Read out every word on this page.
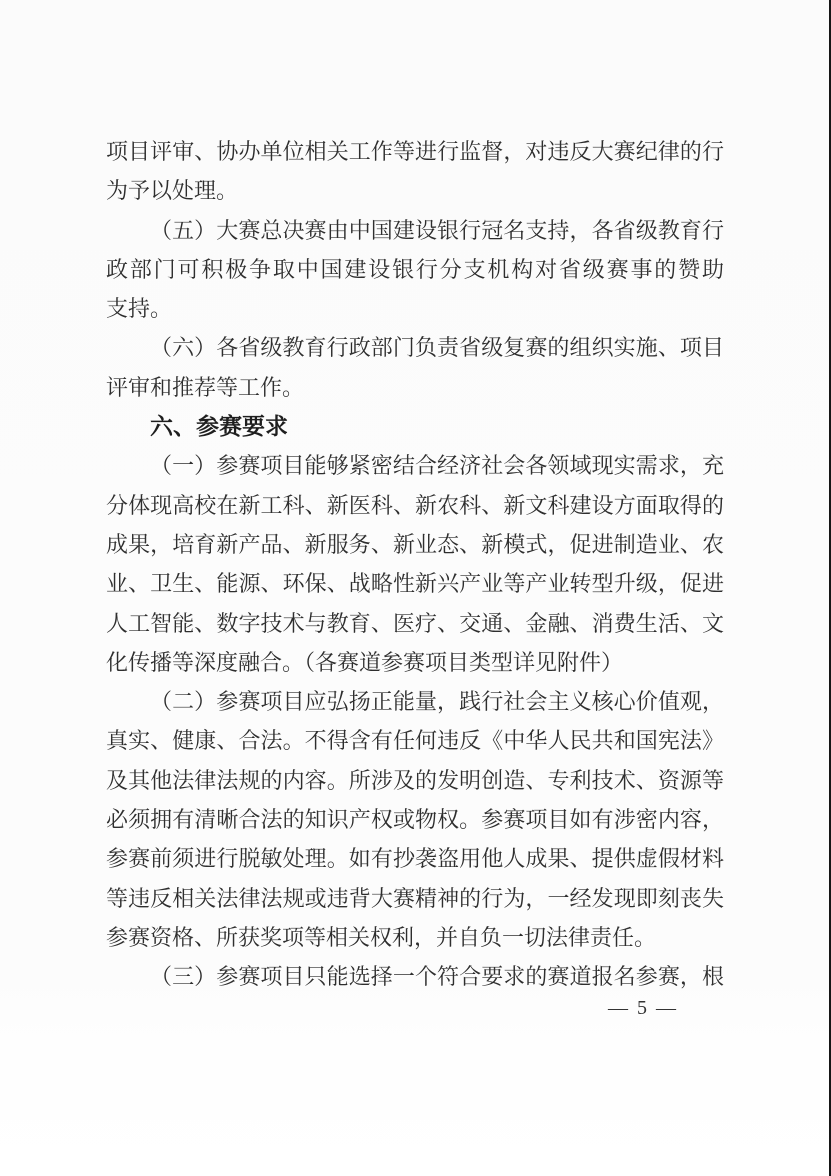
项目评审、协办单位相关工作等进行监督，对违反大赛纪律的行
为予以处理。
（五）大赛总决赛由中国建设银行冠名支持，各省级教育行
政部门可积极争取中国建设银行分支机构对省级赛事的赞助
支持。
（六）各省级教育行政部门负责省级复赛的组织实施、项目
评审和推荐等工作。
六、参赛要求
（一）参赛项目能够紧密结合经济社会各领域现实需求，充
分体现高校在新工科、新医科、新农科、新文科建设方面取得的
成果，培育新产品、新服务、新业态、新模式，促进制造业、农
业、卫生、能源、环保、战略性新兴产业等产业转型升级，促进
人工智能、数字技术与教育、医疗、交通、金融、消费生活、文
化传播等深度融合。（各赛道参赛项目类型详见附件）
（二）参赛项目应弘扬正能量，践行社会主义核心价值观，
真实、健康、合法。不得含有任何违反《中华人民共和国宪法》
及其他法律法规的内容。所涉及的发明创造、专利技术、资源等
必须拥有清晰合法的知识产权或物权。参赛项目如有涉密内容，
参赛前须进行脱敏处理。如有抄袭盗用他人成果、提供虚假材料
等违反相关法律法规或违背大赛精神的行为，一经发现即刻丧失
参赛资格、所获奖项等相关权利，并自负一切法律责任。
（三）参赛项目只能选择一个符合要求的赛道报名参赛，根
— 5 —
